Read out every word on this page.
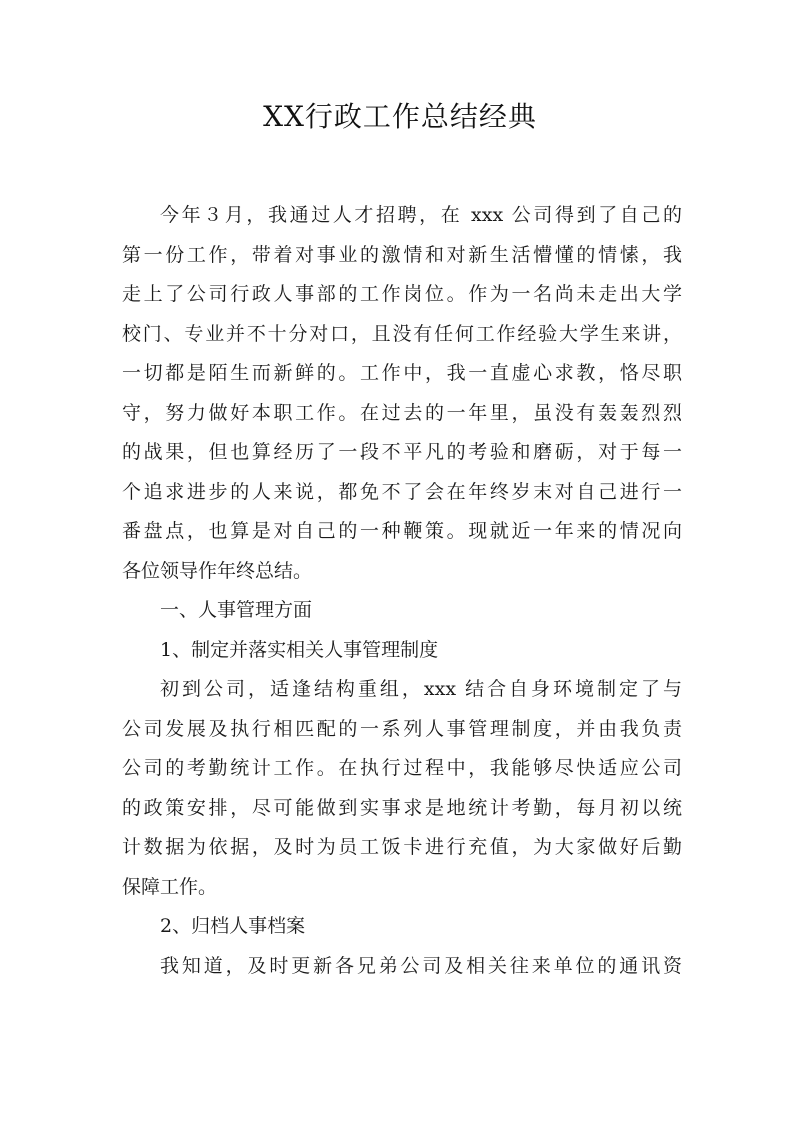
XX行政工作总结经典
今年３月，我通过人才招聘，在 xxx 公司得到了自己的
第一份工作，带着对事业的激情和对新生活懵懂的情愫，我
走上了公司行政人事部的工作岗位。作为一名尚未走出大学
校门、专业并不十分对口，且没有任何工作经验大学生来讲，
一切都是陌生而新鲜的。工作中，我一直虚心求教，恪尽职
守，努力做好本职工作。在过去的一年里，虽没有轰轰烈烈
的战果，但也算经历了一段不平凡的考验和磨砺，对于每一
个追求进步的人来说，都免不了会在年终岁末对自己进行一
番盘点，也算是对自己的一种鞭策。现就近一年来的情况向
各位领导作年终总结。
一、人事管理方面
1、制定并落实相关人事管理制度
初到公司，适逢结构重组，xxx 结合自身环境制定了与
公司发展及执行相匹配的一系列人事管理制度，并由我负责
公司的考勤统计工作。在执行过程中，我能够尽快适应公司
的政策安排，尽可能做到实事求是地统计考勤，每月初以统
计数据为依据，及时为员工饭卡进行充值，为大家做好后勤
保障工作。
2、归档人事档案
我知道，及时更新各兄弟公司及相关往来单位的通讯资
